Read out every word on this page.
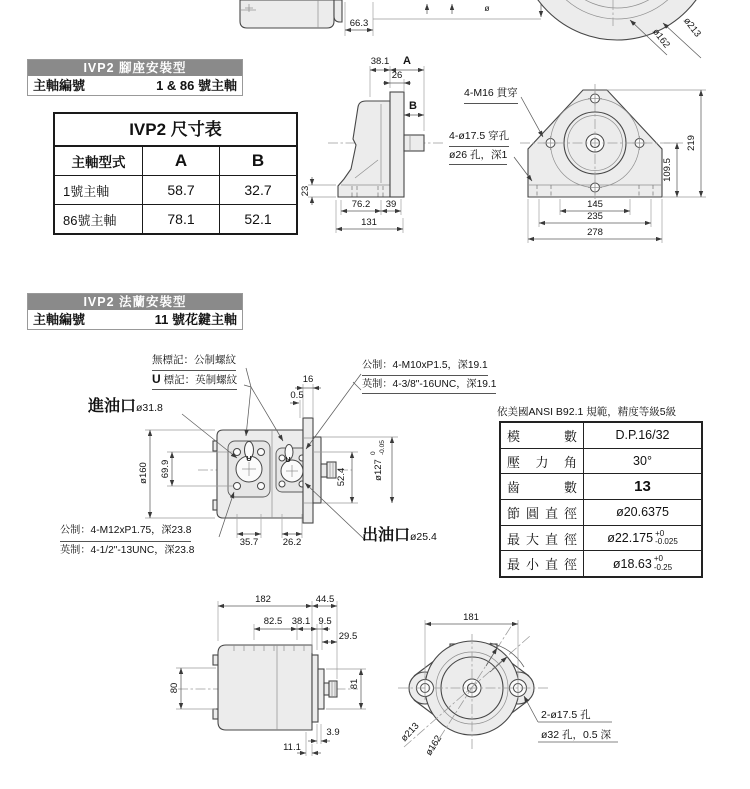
66.3
ø
ø162 ø213
38.1 A
26
B
23
76.2 39
131
219
109.5
145
235
278
U	U
16
0.5
ø160 69.9	52.4	ø127
0 -0.05
35.7	26.2
182	44.5
82.5 38.1 9.5
29.5
80	81
3.9
11.1
ø213
ø162
181
IVP2 腳座安裝型
主軸編號	1 & 86 號主軸
IVP2 尺寸表
主軸型式	A	B
1號主軸	58.7	32.7
86號主軸	78.1	52.1
4-M16 貫穿
4-ø17.5 穿孔
ø26 孔，深1
IVP2 法蘭安裝型
主軸編號	11 號花鍵主軸
無標記：公制螺紋
U 標記：英制螺紋
進油口ø31.8
出油口ø25.4
公制：4-M10xP1.5，深19.1
英制：4-3/8"-16UNC，深19.1
公制：4-M12xP1.75，深23.8
英制：4-1/2"-13UNC，深23.8
依美國ANSI B92.1 規範，精度等級5級
模數	D.P.16/32
壓力角	30°
齒數	13
節圓直徑	ø20.6375
最大直徑	ø22.175 +0
-0.025
最小直徑	ø18.63 +0
-0.25
2-ø17.5 孔
ø32 孔，0.5 深
